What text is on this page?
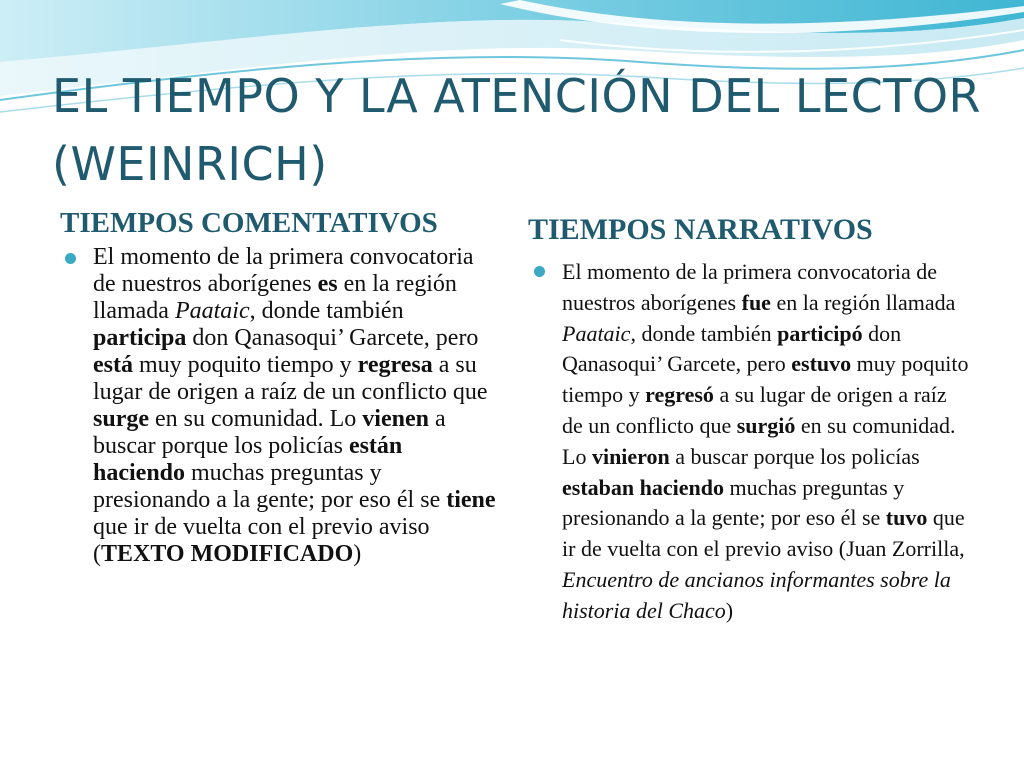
EL TIEMPO Y LA ATENCIÓN DEL LECTOR (WEINRICH)
TIEMPOS COMENTATIVOS	TIEMPOS NARRATIVOS
El momento de la primera convocatoria de nuestros aborígenes es en la región llamada Paataic, donde también participa don Qanasoqui’ Garcete, pero está muy poquito tiempo y regresa a su lugar de origen a raíz de un conflicto que surge en su comunidad. Lo vienen a buscar porque los policías están haciendo muchas preguntas y presionando a la gente; por eso él se tiene que ir de vuelta con el previo aviso (TEXTO MODIFICADO)
El momento de la primera convocatoria de nuestros aborígenes fue en la región llamada Paataic, donde también participó don Qanasoqui’ Garcete, pero estuvo muy poquito tiempo y regresó a su lugar de origen a raíz de un conflicto que surgió en su comunidad. Lo vinieron a buscar porque los policías estaban haciendo muchas preguntas y presionando a la gente; por eso él se tuvo que ir de vuelta con el previo aviso (Juan Zorrilla, Encuentro de ancianos informantes sobre la historia del Chaco)
